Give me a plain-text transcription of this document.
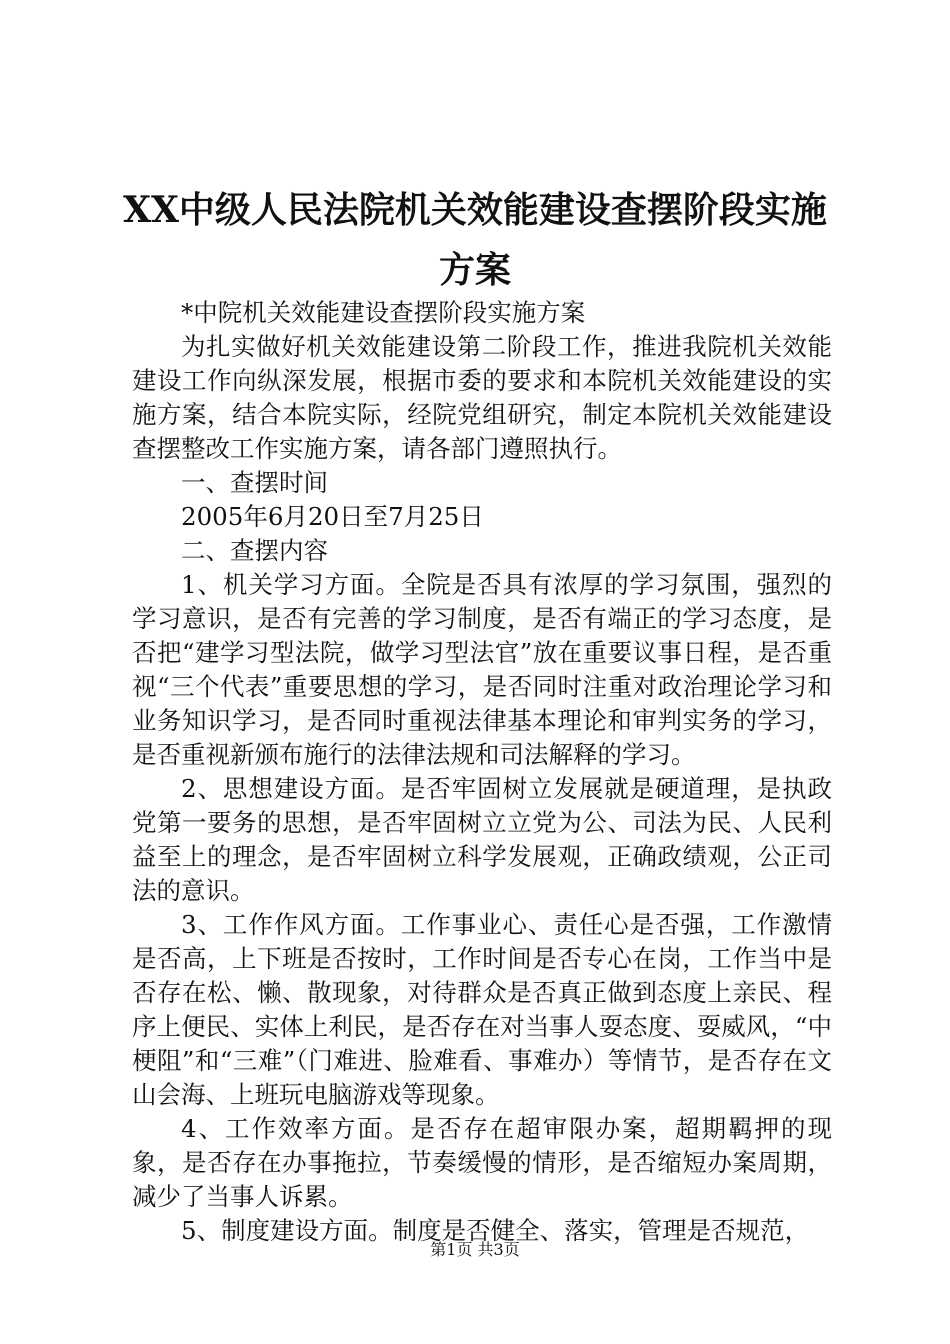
XX中级人民法院机关效能建设查摆阶段实施
方案

*中院机关效能建设查摆阶段实施方案

为扎实做好机关效能建设第二阶段工作，推进我院机关效能建设工作向纵深发展，根据市委的要求和本院机关效能建设的实施方案，结合本院实际，经院党组研究，制定本院机关效能建设查摆整改工作实施方案，请各部门遵照执行。

一、查摆时间

2005年6月20日至7月25日

二、查摆内容

1、机关学习方面。全院是否具有浓厚的学习氛围，强烈的学习意识，是否有完善的学习制度，是否有端正的学习态度，是否把“建学习型法院，做学习型法官”放在重要议事日程，是否重视“三个代表”重要思想的学习，是否同时注重对政治理论学习和业务知识学习，是否同时重视法律基本理论和审判实务的学习，是否重视新颁布施行的法律法规和司法解释的学习。

2、思想建设方面。是否牢固树立发展就是硬道理，是执政党第一要务的思想，是否牢固树立立党为公、司法为民、人民利益至上的理念，是否牢固树立科学发展观，正确政绩观，公正司法的意识。

3、工作作风方面。工作事业心、责任心是否强，工作激情是否高，上下班是否按时，工作时间是否专心在岗，工作当中是否存在松、懒、散现象，对待群众是否真正做到态度上亲民、程序上便民、实体上利民，是否存在对当事人耍态度、耍威风，“中梗阻”和“三难”（门难进、脸难看、事难办）等情节，是否存在文山会海、上班玩电脑游戏等现象。

4、工作效率方面。是否存在超审限办案，超期羁押的现象，是否存在办事拖拉，节奏缓慢的情形，是否缩短办案周期，减少了当事人诉累。

5、制度建设方面。制度是否健全、落实，管理是否规范，

第1页 共3页
